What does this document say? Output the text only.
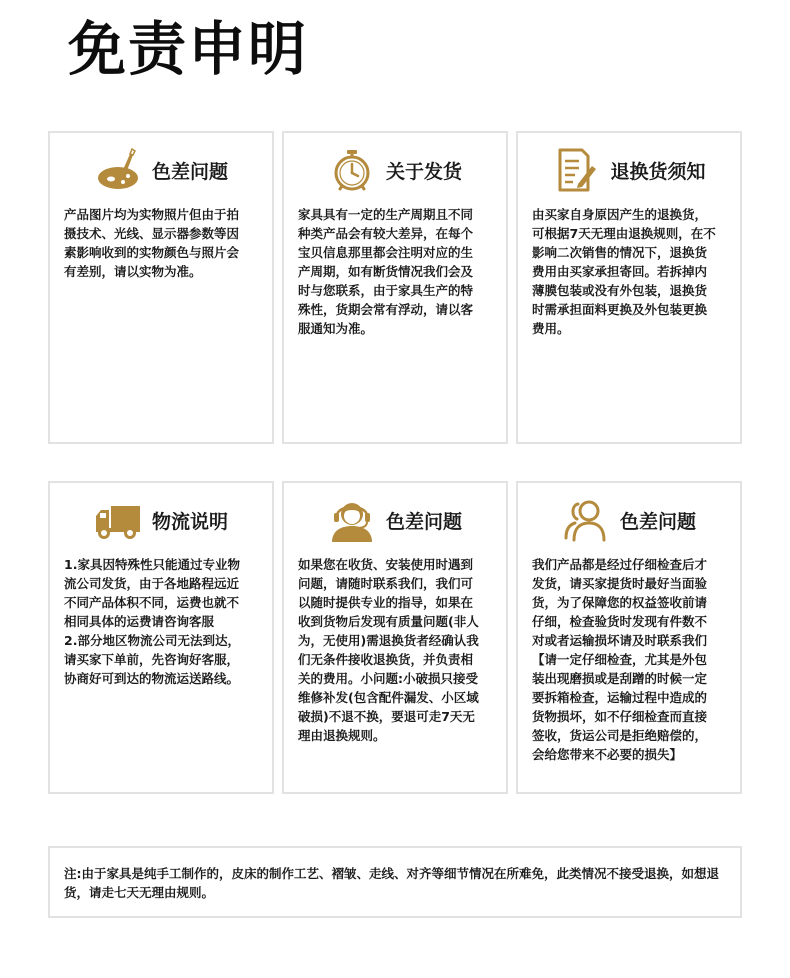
免责申明
色差问题
产品图片均为实物照片但由于拍
摄技术、光线、显示器参数等因
素影响收到的实物颜色与照片会
有差别，请以实物为准。
关于发货
家具具有一定的生产周期且不同
种类产品会有较大差异，在每个
宝贝信息那里都会注明对应的生
产周期，如有断货情况我们会及
时与您联系，由于家具生产的特
殊性，货期会常有浮动，请以客
服通知为准。
退换货须知
由买家自身原因产生的退换货，
可根据7天无理由退换规则，在不
影响二次销售的情况下，退换货
费用由买家承担寄回。若拆掉内
薄膜包装或没有外包装，退换货
时需承担面料更换及外包装更换
费用。
物流说明
1.家具因特殊性只能通过专业物
流公司发货，由于各地路程远近
不同产品体积不同，运费也就不
相同具体的运费请咨询客服
2.部分地区物流公司无法到达，
请买家下单前，先咨询好客服，
协商好可到达的物流运送路线。
色差问题
如果您在收货、安装使用时遇到
问题，请随时联系我们，我们可
以随时提供专业的指导，如果在
收到货物后发现有质量问题(非人
为，无使用)需退换货者经确认我
们无条件接收退换货，并负责相
关的费用。小问题:小破损只接受
维修补发(包含配件漏发、小区域
破损)不退不换，要退可走7天无
理由退换规则。
色差问题
我们产品都是经过仔细检查后才
发货，请买家提货时最好当面验
货，为了保障您的权益签收前请
仔细，检查验货时发现有件数不
对或者运输损坏请及时联系我们
【请一定仔细检查，尤其是外包
装出现磨损或是刮蹭的时候一定
要拆箱检查，运输过程中造成的
货物损坏，如不仔细检查而直接
签收，货运公司是拒绝赔偿的，
会给您带来不必要的损失】
注:由于家具是纯手工制作的，皮床的制作工艺、褶皱、走线、对齐等细节情况在所难免，此类情况不接受退换，如想退货，请走七天无理由规则。
